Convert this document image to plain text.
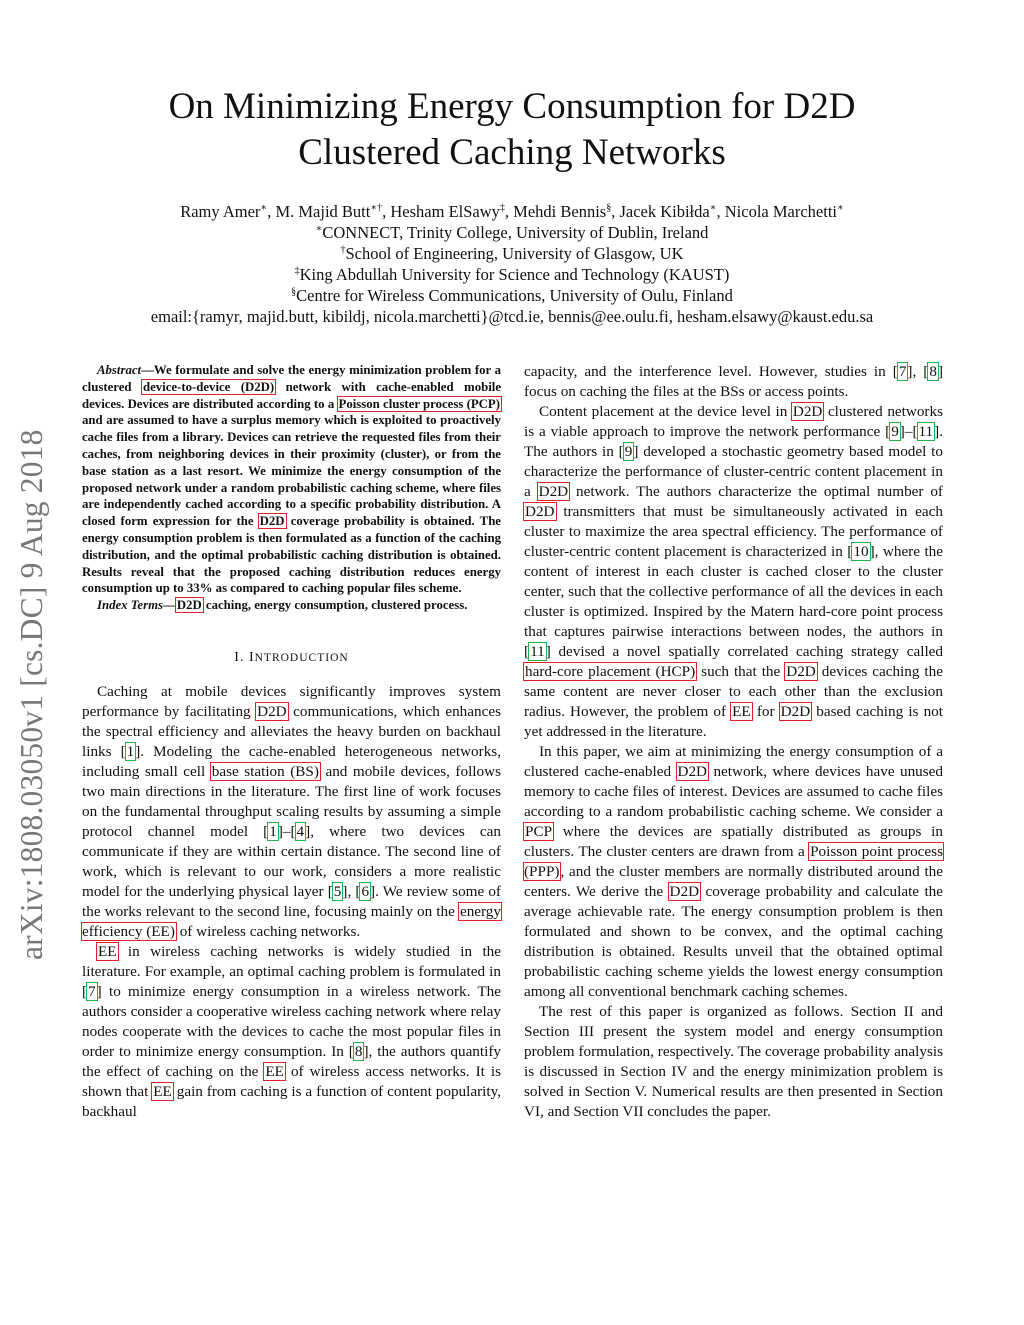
On Minimizing Energy Consumption for D2D
Clustered Caching Networks
Ramy Amer∗, M. Majid Butt∗†, Hesham ElSawy‡, Mehdi Bennis§, Jacek Kibiłda∗, Nicola Marchetti∗
∗CONNECT, Trinity College, University of Dublin, Ireland
†School of Engineering, University of Glasgow, UK
‡King Abdullah University for Science and Technology (KAUST)
§Centre for Wireless Communications, University of Oulu, Finland
email:{ramyr, majid.butt, kibildj, nicola.marchetti}@tcd.ie, bennis@ee.oulu.fi, hesham.elsawy@kaust.edu.sa
arXiv:1808.03050v1 [cs.DC] 9 Aug 2018

Abstract—We formulate and solve the energy minimization problem for a clustered device-to-device (D2D) network with cache-enabled mobile devices. Devices are distributed according to a Poisson cluster process (PCP) and are assumed to have a surplus memory which is exploited to proactively cache files from a library. Devices can retrieve the requested files from their caches, from neighboring devices in their proximity (cluster), or from the base station as a last resort. We minimize the energy consumption of the proposed network under a random probabilistic caching scheme, where files are independently cached according to a specific probability distribution. A closed form expression for the D2D coverage probability is obtained. The energy consumption problem is then formulated as a function of the caching distribution, and the optimal probabilistic caching distribution is obtained. Results reveal that the proposed caching distribution reduces energy consumption up to 33% as compared to caching popular files scheme.

Index Terms—D2D caching, energy consumption, clustered process.

I. INTRODUCTION

Caching at mobile devices significantly improves system performance by facilitating D2D communications, which enhances the spectral efficiency and alleviates the heavy burden on backhaul links [1]. Modeling the cache-enabled heterogeneous networks, including small cell base station (BS) and mobile devices, follows two main directions in the literature. The first line of work focuses on the fundamental throughput scaling results by assuming a simple protocol channel model [1]–[4], where two devices can communicate if they are within certain distance. The second line of work, which is relevant to our work, considers a more realistic model for the underlying physical layer [5], [6]. We review some of the works relevant to the second line, focusing mainly on the energy efficiency (EE) of wireless caching networks.

EE in wireless caching networks is widely studied in the literature. For example, an optimal caching problem is formulated in [7] to minimize energy consumption in a wireless network. The authors consider a cooperative wireless caching network where relay nodes cooperate with the devices to cache the most popular files in order to minimize energy consumption. In [8], the authors quantify the effect of caching on the EE of wireless access networks. It is shown that EE gain from caching is a function of content popularity, backhaul

capacity, and the interference level. However, studies in [7], [8] focus on caching the files at the BSs or access points.

Content placement at the device level in D2D clustered networks is a viable approach to improve the network performance [9]–[11]. The authors in [9] developed a stochastic geometry based model to characterize the performance of cluster-centric content placement in a D2D network. The authors characterize the optimal number of D2D transmitters that must be simultaneously activated in each cluster to maximize the area spectral efficiency. The performance of cluster-centric content placement is characterized in [10], where the content of interest in each cluster is cached closer to the cluster center, such that the collective performance of all the devices in each cluster is optimized. Inspired by the Matern hard-core point process that captures pairwise interactions between nodes, the authors in [11] devised a novel spatially correlated caching strategy called hard-core placement (HCP) such that the D2D devices caching the same content are never closer to each other than the exclusion radius. However, the problem of EE for D2D based caching is not yet addressed in the literature.

In this paper, we aim at minimizing the energy consumption of a clustered cache-enabled D2D network, where devices have unused memory to cache files of interest. Devices are assumed to cache files according to a random probabilistic caching scheme. We consider a PCP where the devices are spatially distributed as groups in clusters. The cluster centers are drawn from a Poisson point process (PPP), and the cluster members are normally distributed around the centers. We derive the D2D coverage probability and calculate the average achievable rate. The energy consumption problem is then formulated and shown to be convex, and the optimal caching distribution is obtained. Results unveil that the obtained optimal probabilistic caching scheme yields the lowest energy consumption among all conventional benchmark caching schemes.

The rest of this paper is organized as follows. Section II and Section III present the system model and energy consumption problem formulation, respectively. The coverage probability analysis is discussed in Section IV and the energy minimization problem is solved in Section V. Numerical results are then presented in Section VI, and Section VII concludes the paper.
